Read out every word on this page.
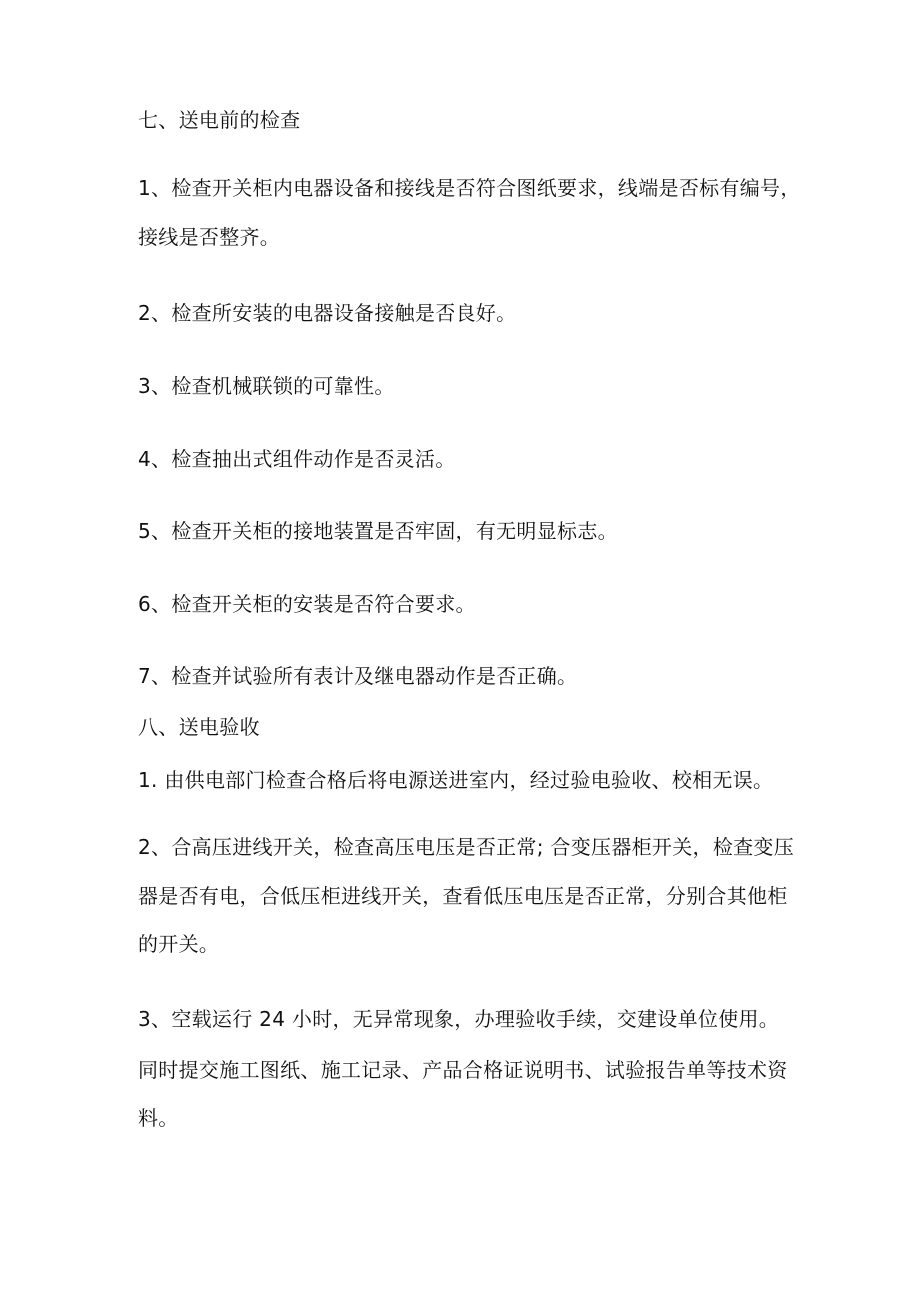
七、送电前的检查
1、检查开关柜内电器设备和接线是否符合图纸要求，线端是否标有编号，
接线是否整齐。
2、检查所安装的电器设备接触是否良好。
3、检查机械联锁的可靠性。
4、检查抽出式组件动作是否灵活。
5、检查开关柜的接地装置是否牢固，有无明显标志。
6、检查开关柜的安装是否符合要求。
7、检查并试验所有表计及继电器动作是否正确。
八、送电验收
1. 由供电部门检查合格后将电源送进室内，经过验电验收、校相无误。
2、合高压进线开关，检查高压电压是否正常; 合变压器柜开关，检查变压
器是否有电，合低压柜进线开关，查看低压电压是否正常，分别合其他柜
的开关。
3、空载运行 24 小时，无异常现象，办理验收手续，交建设单位使用。
同时提交施工图纸、施工记录、产品合格证说明书、试验报告单等技术资
料。
